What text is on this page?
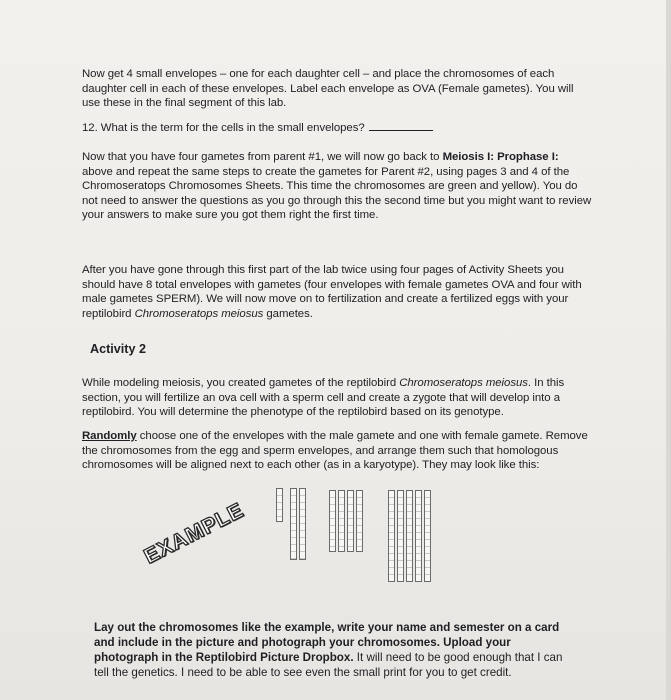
Now get 4 small envelopes – one for each daughter cell – and place the chromosomes of each daughter cell in each of these envelopes. Label each envelope as OVA (Female gametes). You will use these in the final segment of this lab.

12. What is the term for the cells in the small envelopes?

Now that you have four gametes from parent #1, we will now go back to Meiosis I: Prophase I: above and repeat the same steps to create the gametes for Parent #2, using pages 3 and 4 of the Chromoseratops Chromosomes Sheets. This time the chromosomes are green and yellow). You do not need to answer the questions as you go through this the second time but you might want to review your answers to make sure you got them right the first time.

After you have gone through this first part of the lab twice using four pages of Activity Sheets you should have 8 total envelopes with gametes (four envelopes with female gametes OVA and four with male gametes SPERM). We will now move on to fertilization and create a fertilized eggs with your reptilobird Chromoseratops meiosus gametes.

Activity 2

While modeling meiosis, you created gametes of the reptilobird Chromoseratops meiosus. In this section, you will fertilize an ova cell with a sperm cell and create a zygote that will develop into a reptilobird. You will determine the phenotype of the reptilobird based on its genotype.

Randomly choose one of the envelopes with the male gamete and one with female gamete. Remove the chromosomes from the egg and sperm envelopes, and arrange them such that homologous chromosomes will be aligned next to each other (as in a karyotype). They may look like this:

EXAMPLE

Lay out the chromosomes like the example, write your name and semester on a card and include in the picture and photograph your chromosomes. Upload your photograph in the Reptilobird Picture Dropbox. It will need to be good enough that I can tell the genetics. I need to be able to see even the small print for you to get credit.
